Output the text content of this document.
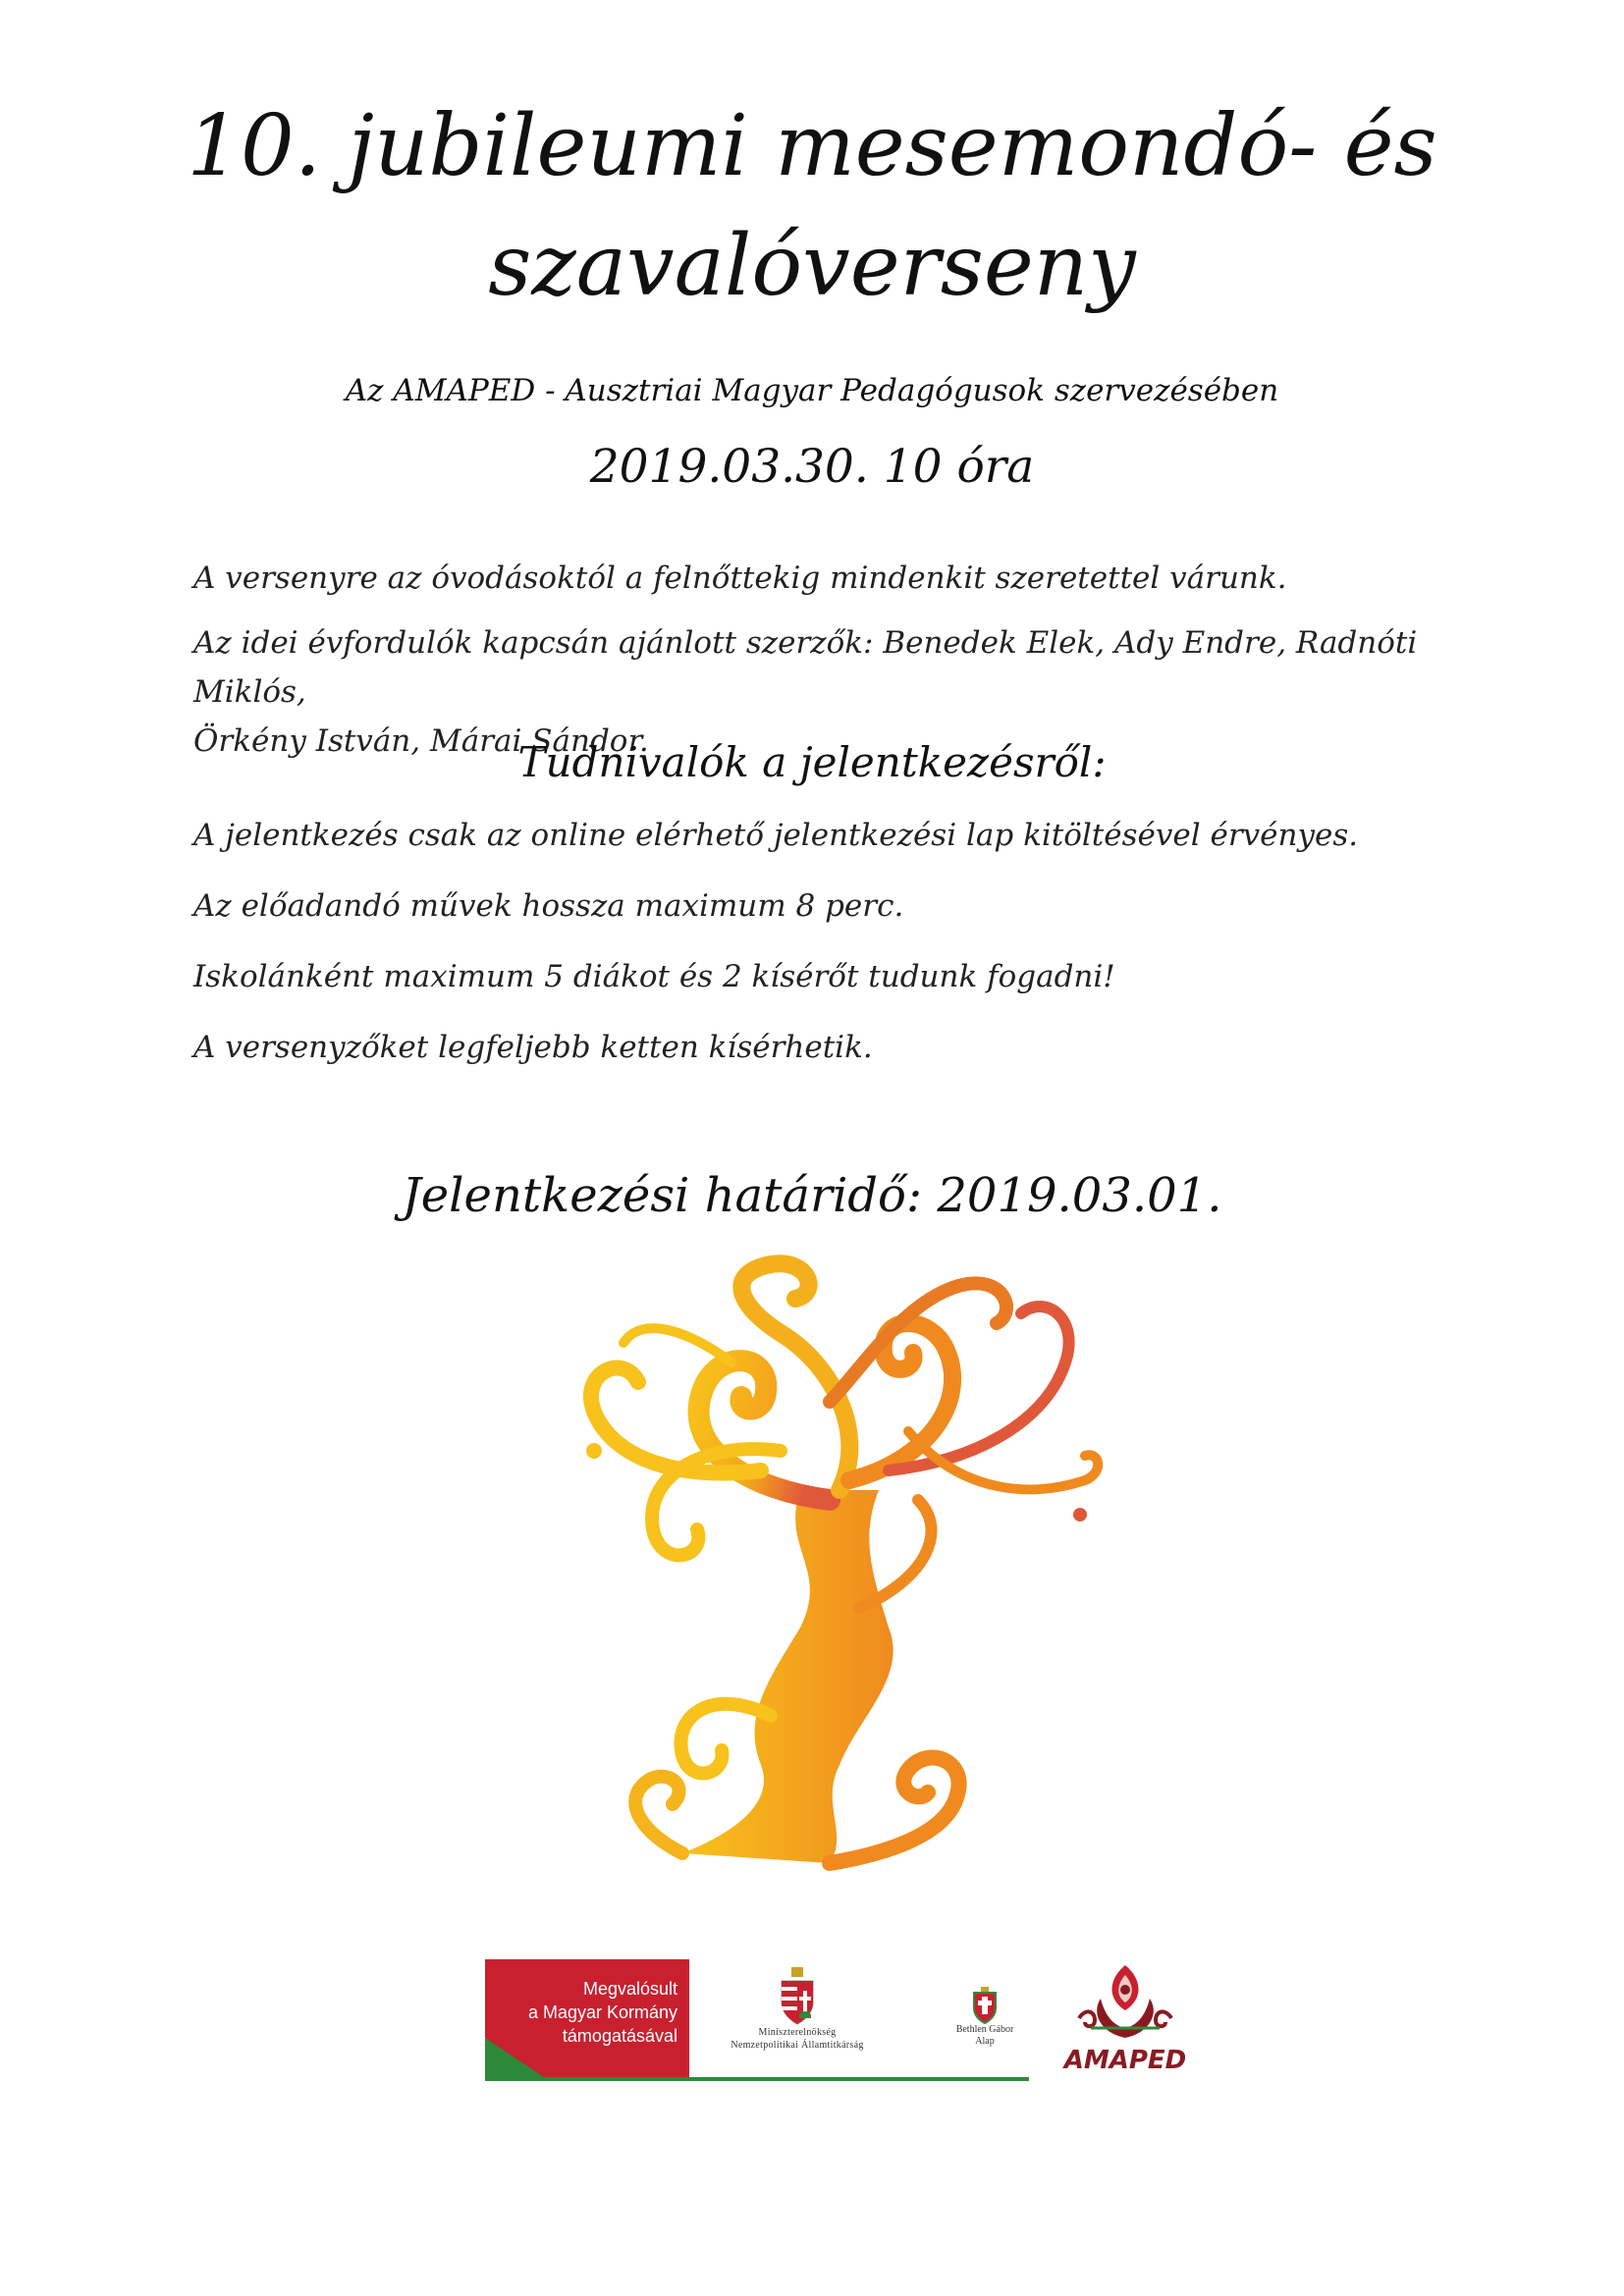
10. jubileumi mesemondó- és
szavalóverseny
Az AMAPED - Ausztriai Magyar Pedagógusok szervezésében
2019.03.30. 10 óra
A versenyre az óvodásoktól a felnőttekig mindenkit szeretettel várunk.
Az idei évfordulók kapcsán ajánlott szerzők: Benedek Elek, Ady Endre, Radnóti Miklós,
Örkény István, Márai Sándor.
Tudnivalók a jelentkezésről:
A jelentkezés csak az online elérhető jelentkezési lap kitöltésével érvényes.
Az előadandó művek hossza maximum 8 perc.
Iskolánként maximum 5 diákot és 2 kísérőt tudunk fogadni!
A versenyzőket legfeljebb ketten kísérhetik.
Jelentkezési határidő: 2019.03.01.
Megvalósult
a Magyar Kormány
támogatásával	Miniszterelnökség
Nemzetpolitikai Államtitkárság
Bethlen Gábor
Alap
AMAPED
